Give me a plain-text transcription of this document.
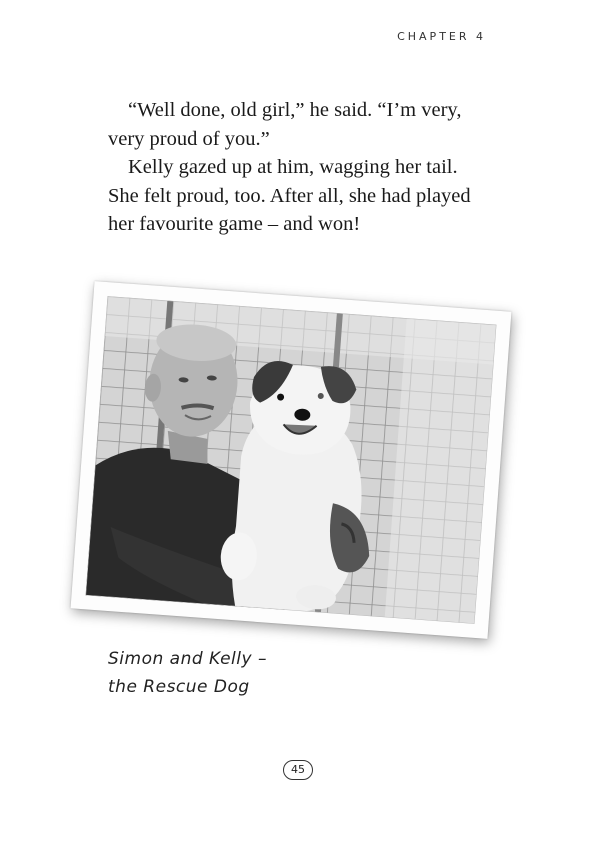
CHAPTER 4

“Well done, old girl,” he said. “I’m very, very proud of you.”

Kelly gazed up at him, wagging her tail. She felt proud, too. After all, she had played her favourite game – and won!

Simon and Kelly –
the Rescue Dog
45
